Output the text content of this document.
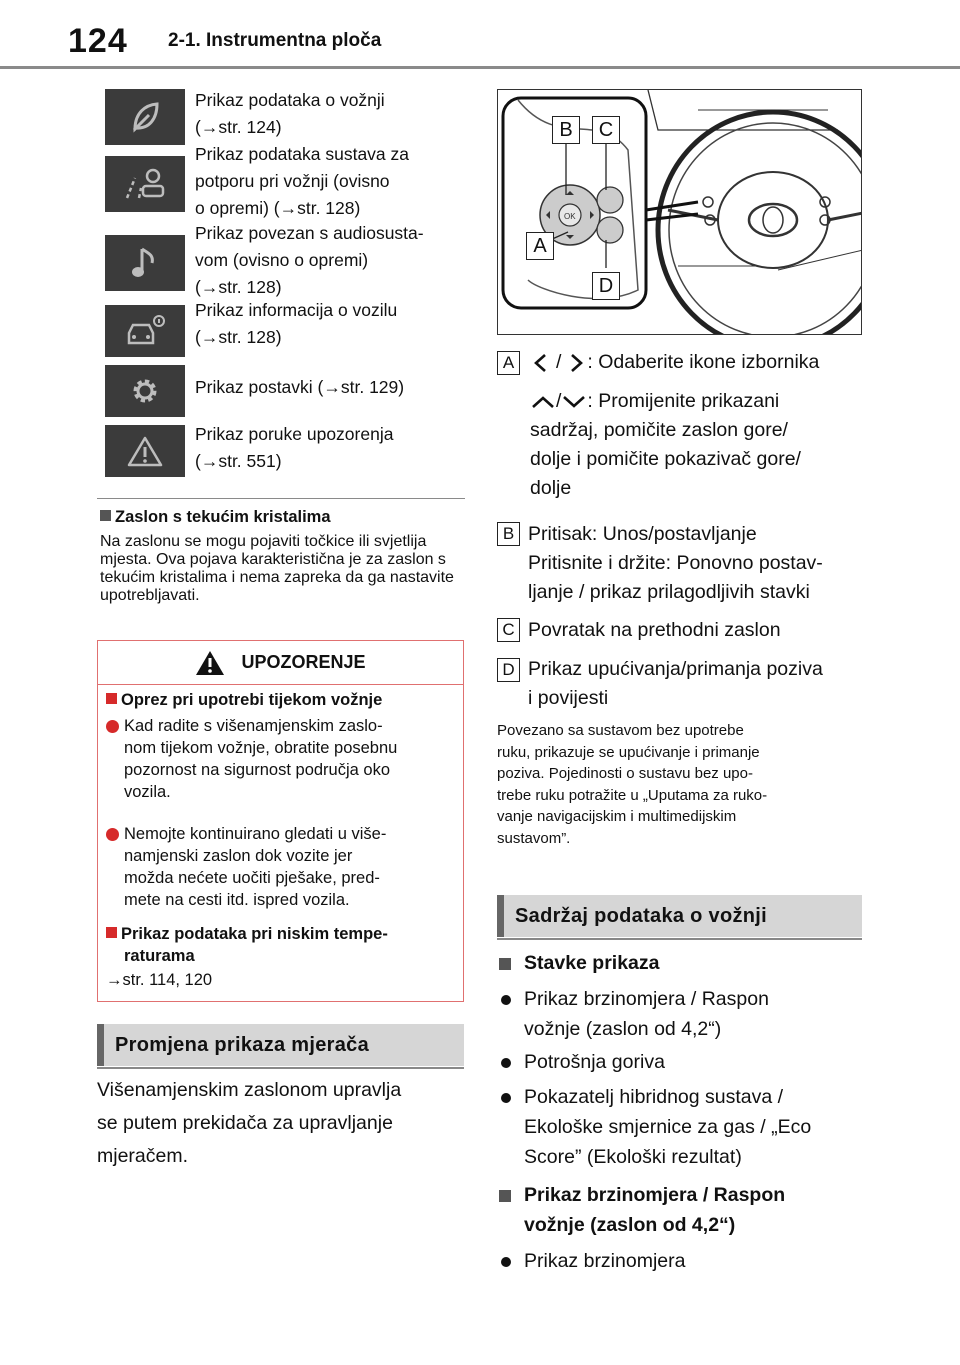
124 2-1. Instrumentna ploča
Prikaz podataka o vožnji
(→str. 124)
Prikaz podataka sustava za
potporu pri vožnji (ovisno
o opremi) (→str. 128)
Prikaz povezan s audiosusta-
vom (ovisno o opremi)
(→str. 128)
Prikaz informacija o vozilu
(→str. 128)
Prikaz postavki (→str. 129)
Prikaz poruke upozorenja
(→str. 551)
Zaslon s tekućim kristalima
Na zaslonu se mogu pojaviti točkice ili svjetlija mjesta. Ova pojava karakteristična je za zaslon s tekućim kristalima i nema zapreka da ga nastavite upotrebljavati.
UPOZORENJE
Oprez pri upotrebi tijekom vožnje
Kad radite s višenamjenskim zaslo-
nom tijekom vožnje, obratite posebnu
pozornost na sigurnost područja oko
vozila.
Nemojte kontinuirano gledati u više-
namjenski zaslon dok vozite jer
možda nećete uočiti pješake, pred-
mete na cesti itd. ispred vozila.
Prikaz podataka pri niskim tempe-
raturama
→str. 114, 120
Promjena prikaza mjerača
Višenamjenskim zaslonom upravlja
se putem prekidača za upravljanje
mjeračem.
OK
B	C
A
D
A / : Odaberite ikone izbornika
/ : Promijenite prikazani
sadržaj, pomičite zaslon gore/
dolje i pomičite pokazivač gore/
dolje
B Pritisak: Unos/postavljanje
Pritisnite i držite: Ponovno postav-
ljanje / prikaz prilagodljivih stavki
C Povratak na prethodni zaslon
D Prikaz upućivanja/primanja poziva
i povijesti
Povezano sa sustavom bez upotrebe
ruku, prikazuje se upućivanje i primanje
poziva. Pojedinosti o sustavu bez upo-
trebe ruku potražite u „Uputama za ruko-
vanje navigacijskim i multimedijskim
sustavom”.
Sadržaj podataka o vožnji
Stavke prikaza
Prikaz brzinomjera / Raspon
vožnje (zaslon od 4,2“)
Potrošnja goriva
Pokazatelj hibridnog sustava /
Ekološke smjernice za gas / „Eco
Score” (Ekološki rezultat)
Prikaz brzinomjera / Raspon
vožnje (zaslon od 4,2“)
Prikaz brzinomjera
